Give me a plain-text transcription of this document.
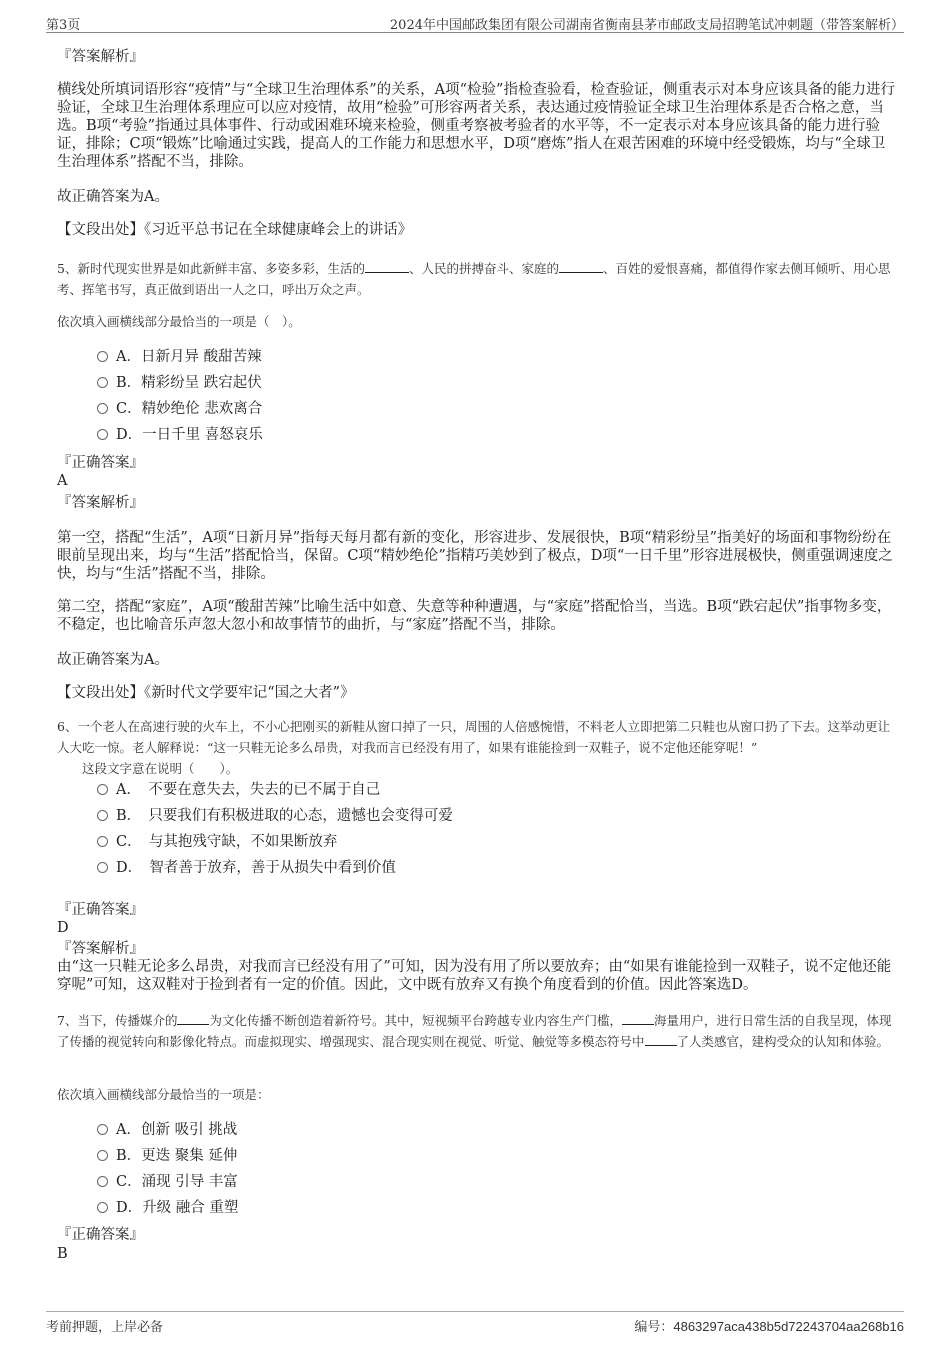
第3页	2024年中国邮政集团有限公司湖南省衡南县茅市邮政支局招聘笔试冲刺题（带答案解析）
『答案解析』
横线处所填词语形容“疫情”与“全球卫生治理体系”的关系，A项“检验”指检查验看，检查验证，侧重表示对本身应该具备的能力进行验证，全球卫生治理体系理应可以应对疫情，故用“检验”可形容两者关系，表达通过疫情验证全球卫生治理体系是否合格之意，当选。B项“考验”指通过具体事件、行动或困难环境来检验，侧重考察被考验者的水平等，不一定表示对本身应该具备的能力进行验证，排除；C项“锻炼”比喻通过实践，提高人的工作能力和思想水平，D项“磨炼”指人在艰苦困难的环境中经受锻炼，均与“全球卫生治理体系”搭配不当，排除。
故正确答案为A。
【文段出处】《习近平总书记在全球健康峰会上的讲话》
5、新时代现实世界是如此新鲜丰富、多姿多彩，生活的	、人民的拼搏奋斗、家庭的	、百姓的爱恨喜痛，都值得作家去侧耳倾听、用心思考、挥笔书写，真正做到语出一人之口，呼出万众之声。
依次填入画横线部分最恰当的一项是（　）。
A．日新月异 酸甜苦辣
B．精彩纷呈 跌宕起伏
C．精妙绝伦 悲欢离合
D．一日千里 喜怒哀乐
『正确答案』
A
『答案解析』
第一空，搭配“生活”，A项“日新月异”指每天每月都有新的变化，形容进步、发展很快，B项“精彩纷呈”指美好的场面和事物纷纷在眼前呈现出来，均与“生活”搭配恰当，保留。C项“精妙绝伦”指精巧美妙到了极点，D项“一日千里”形容进展极快，侧重强调速度之快，均与“生活”搭配不当，排除。
第二空，搭配“家庭”，A项“酸甜苦辣”比喻生活中如意、失意等种种遭遇，与“家庭”搭配恰当，当选。B项“跌宕起伏”指事物多变，不稳定，也比喻音乐声忽大忽小和故事情节的曲折，与“家庭”搭配不当，排除。
故正确答案为A。
【文段出处】《新时代文学要牢记“国之大者”》
6、一个老人在高速行驶的火车上，不小心把刚买的新鞋从窗口掉了一只，周围的人倍感惋惜，不料老人立即把第二只鞋也从窗口扔了下去。这举动更让人大吃一惊。老人解释说：“这一只鞋无论多么昂贵，对我而言已经没有用了，如果有谁能捡到一双鞋子，说不定他还能穿呢！”
这段文字意在说明（　　）。
A．　不要在意失去，失去的已不属于自己
B．　只要我们有积极进取的心态，遗憾也会变得可爱
C．　与其抱残守缺，不如果断放弃
D．　智者善于放弃，善于从损失中看到价值
『正确答案』
D
『答案解析』
由“这一只鞋无论多么昂贵，对我而言已经没有用了”可知，因为没有用了所以要放弃；由“如果有谁能捡到一双鞋子，说不定他还能穿呢”可知，这双鞋对于捡到者有一定的价值。因此，文中既有放弃又有换个角度看到的价值。因此答案选D。
7、当下，传播媒介的	为文化传播不断创造着新符号。其中，短视频平台跨越专业内容生产门槛，	海量用户，进行日常生活的自我呈现，体现了传播的视觉转向和影像化特点。而虚拟现实、增强现实、混合现实则在视觉、听觉、触觉等多模态符号中	了人类感官，建构受众的认知和体验。
依次填入画横线部分最恰当的一项是：
A．创新 吸引 挑战
B．更迭 聚集 延伸
C．涌现 引导 丰富
D．升级 融合 重塑
『正确答案』
B
考前押题，上岸必备	编号：4863297aca438b5d72243704aa268b16
